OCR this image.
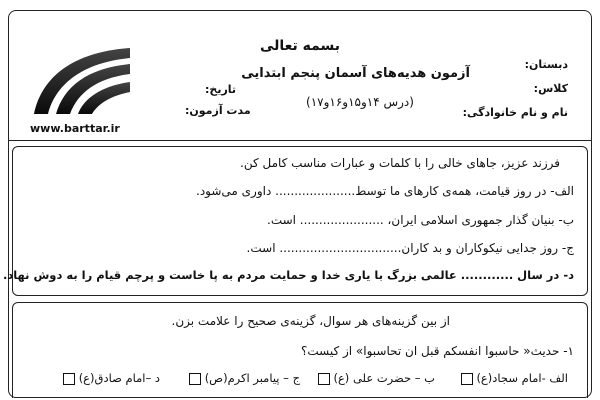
بسمه تعالی
آزمون هدیه‌های آسمان پنجم ابتدایی
(درس ۱۴و۱۵و۱۶و۱۷)
دبستان:
کلاس:
نام و نام خانوادگی:
تاریخ:
مدت آزمون:
www.barttar.ir
فرزند عزیز، جاهای خالی را با کلمات و عبارات مناسب کامل کن.
الف- در روز قیامت، همه‌ی کارهای ما توسط..................... داوری می‌شود.
ب- بنیان گذار جمهوری اسلامی ایران، ...................... است.
ج- روز جدایی نیکوکاران و بد کاران................................ است.
د- در سال ............ عالمی بزرگ با یاری خدا و حمایت مردم به پا خاست و پرچم قیام را به دوش نهاد.
از بین گزینه‌های هر سوال، گزینه‌ی صحیح را علامت بزن.
۱- حدیث« حاسبوا انفسکم قبل ان تحاسبوا» از کیست؟
الف -امام سجاد(ع)
ب – حضرت علی (ع)
ج – پیامبر اکرم(ص)
د –امام صادق(ع)
